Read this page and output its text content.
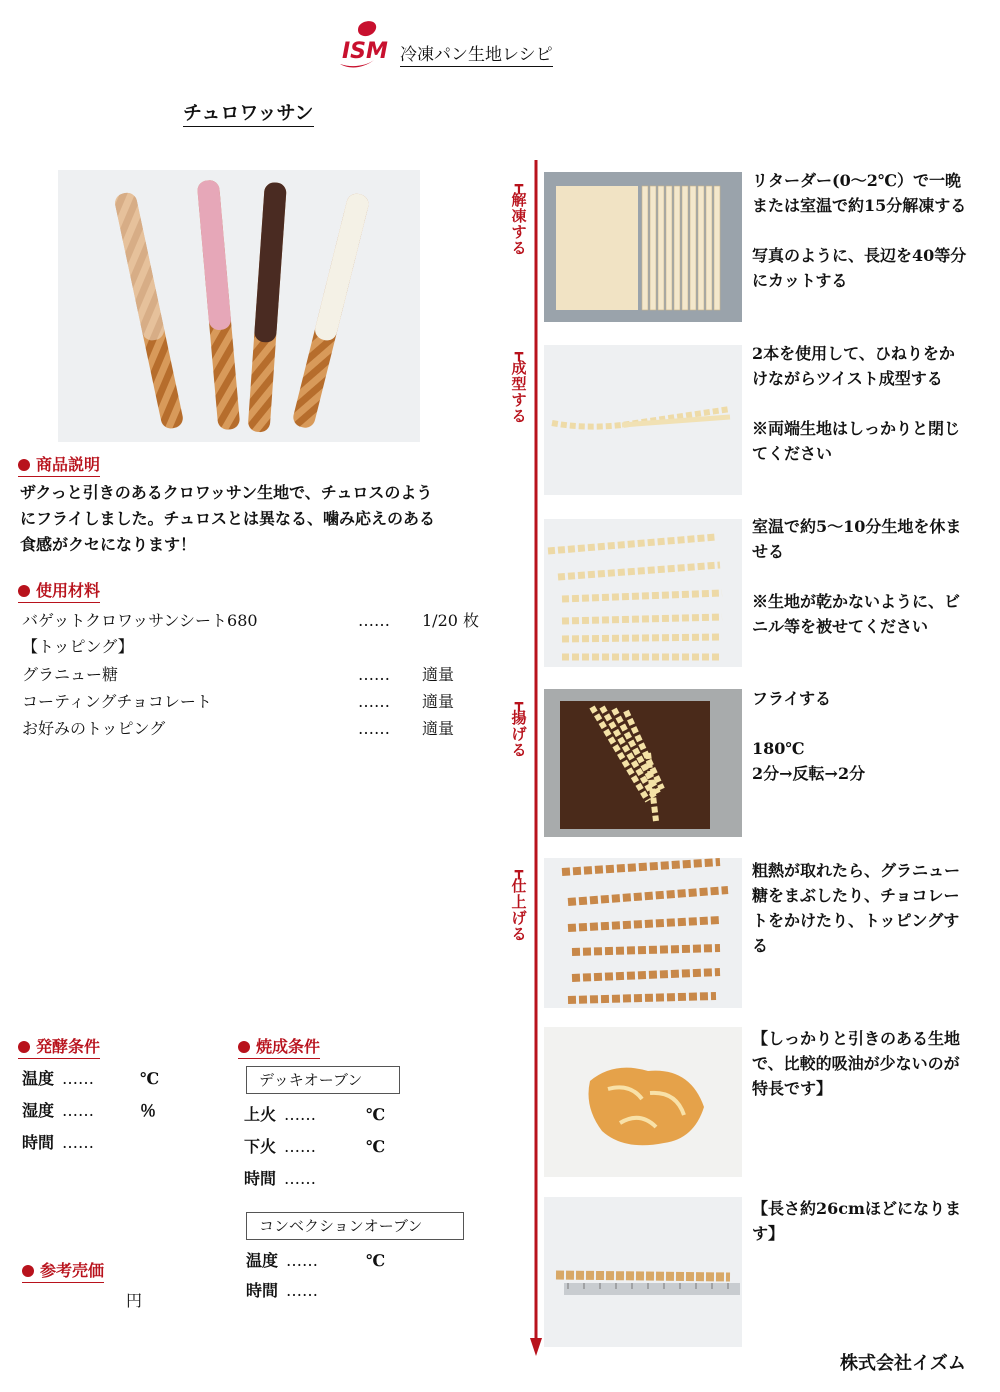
ISM 冷凍パン生地レシピ
チュロワッサン
商品説明
ザクっと引きのあるクロワッサン生地で、チュロスのよう
にフライしました。チュロスとは異なる、噛み応えのある
食感がクセになります！
使用材料
バゲットクロワッサンシート680	…… 1/20 枚
【トッピング】
グラニュー糖	…… 適量
コーティングチョコレート	…… 適量
お好みのトッピング	…… 適量
発酵条件
温度 ……	℃
湿度 ……	％
時間 ……
焼成条件
デッキオーブン
上火 ……	℃
下火 ……	℃
時間 ……
コンベクションオーブン
温度 ……	℃
時間 ……
参考売価
円
┳
解
凍
す
る
┳
成
型
す
る
┳
揚
げ
る
┳
仕
上
げ
る

リターダー(0～2℃）で一晩

または室温で約15分解凍する

写真のように、長辺を40等分

にカットする

2本を使用して、ひねりをか

けながらツイスト成型する

※両端生地はしっかりと閉じ

てください

室温で約5～10分生地を休ま

せる

※生地が乾かないように、ビ

ニル等を被せてください

フライする

180℃

2分→反転→2分

粗熱が取れたら、グラニュー

糖をまぶしたり、チョコレー

トをかけたり、トッピングす

る

【しっかりと引きのある生地

で、比較的吸油が少ないのが

特長です】

【長さ約26cmほどになりま

す】

株式会社イズム
